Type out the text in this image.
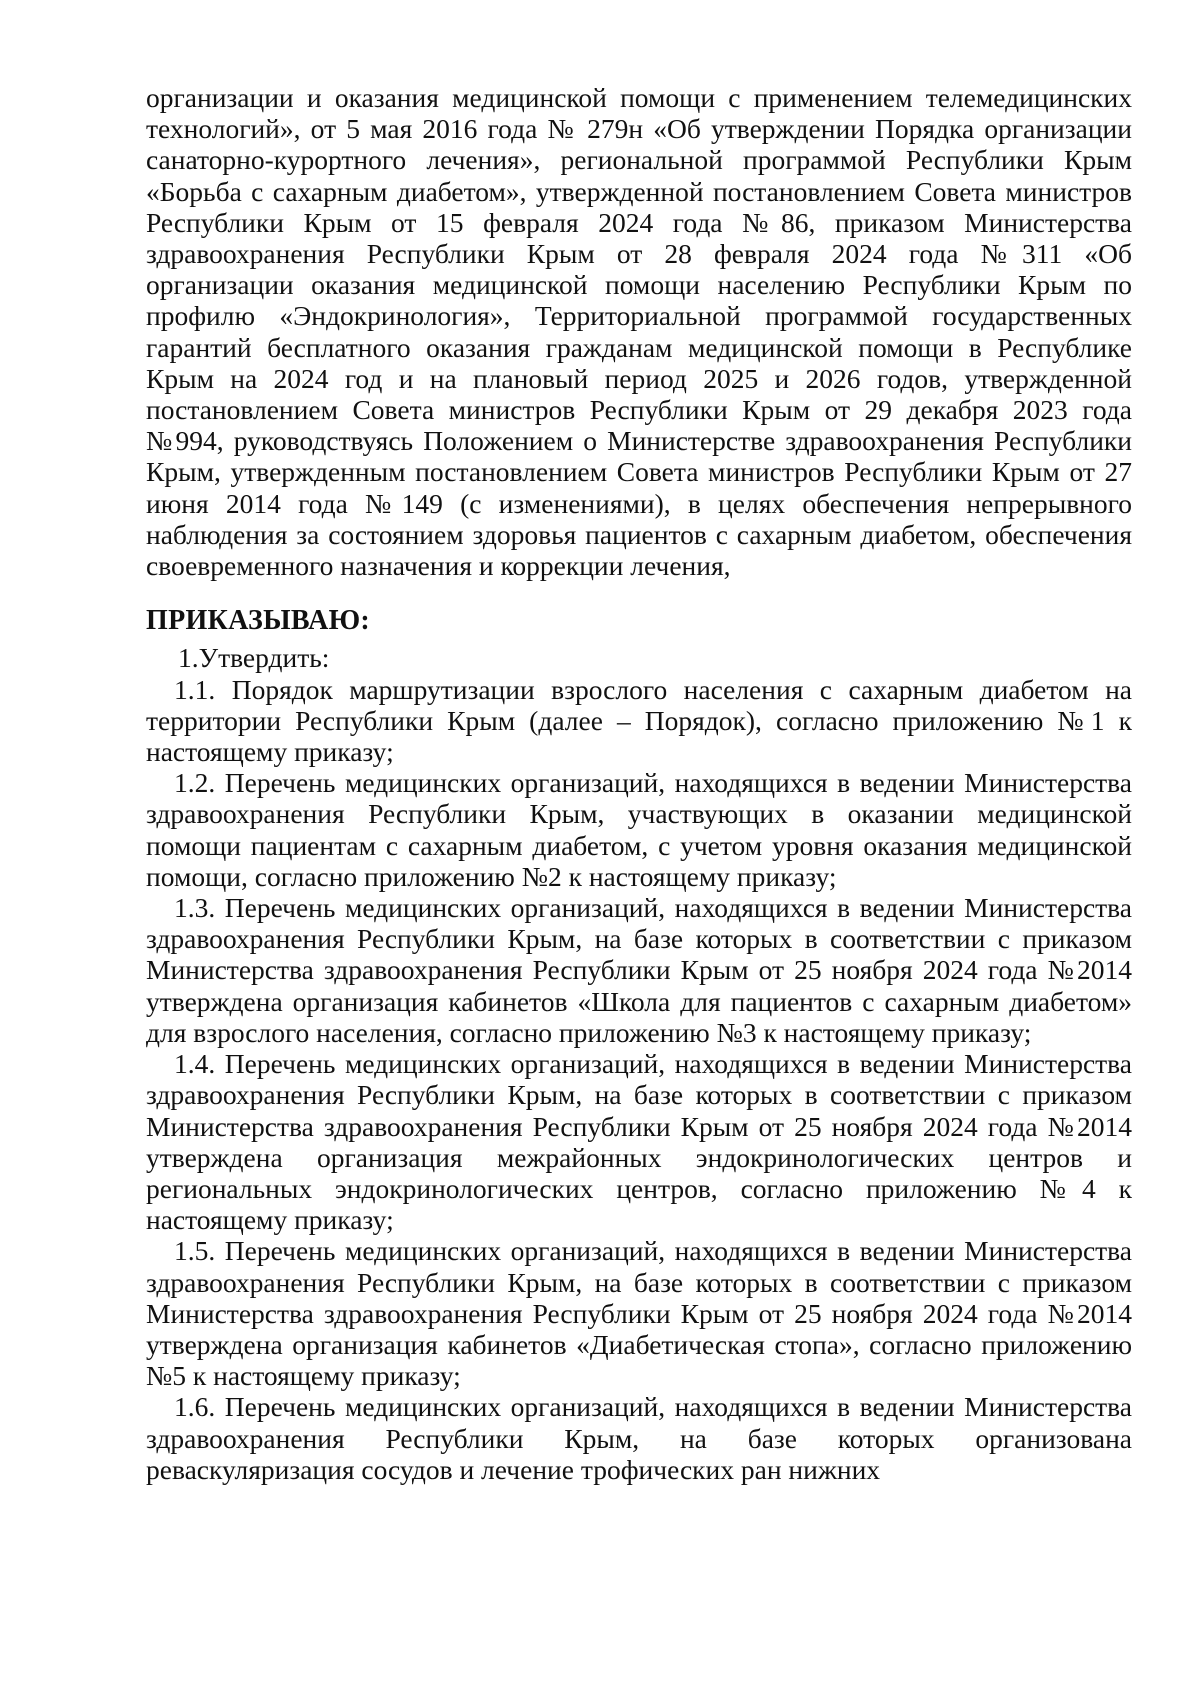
организации и оказания медицинской помощи с применением телемедицинских технологий», от 5 мая 2016 года № 279н «Об утверждении Порядка организации санаторно-курортного лечения», региональной программой Республики Крым «Борьба с сахарным диабетом», утвержденной постановлением Совета министров Республики Крым от 15 февраля 2024 года №86, приказом Министерства здравоохранения Республики Крым от 28 февраля 2024 года №311 «Об организации оказания медицинской помощи населению Республики Крым по профилю «Эндокринология», Территориальной программой государственных гарантий бесплатного оказания гражданам медицинской помощи в Республике Крым на 2024 год и на плановый период 2025 и 2026 годов, утвержденной постановлением Совета министров Республики Крым от 29 декабря 2023 года №994, руководствуясь Положением о Министерстве здравоохранения Республики Крым, утвержденным постановлением Совета министров Республики Крым от 27 июня 2014 года №149 (с изменениями), в целях обеспечения непрерывного наблюдения за состоянием здоровья пациентов с сахарным диабетом, обеспечения своевременного назначения и коррекции лечения,

ПРИКАЗЫВАЮ:

1.Утвердить:

1.1. Порядок маршрутизации взрослого населения с сахарным диабетом на территории Республики Крым (далее – Порядок), согласно приложению №1 к настоящему приказу;

1.2. Перечень медицинских организаций, находящихся в ведении Министерства здравоохранения Республики Крым, участвующих в оказании медицинской помощи пациентам с сахарным диабетом, с учетом уровня оказания медицинской помощи, согласно приложению №2 к настоящему приказу;

1.3. Перечень медицинских организаций, находящихся в ведении Министерства здравоохранения Республики Крым, на базе которых в соответствии с приказом Министерства здравоохранения Республики Крым от 25 ноября 2024 года №2014 утверждена организация кабинетов «Школа для пациентов с сахарным диабетом» для взрослого населения, согласно приложению №3 к настоящему приказу;

1.4. Перечень медицинских организаций, находящихся в ведении Министерства здравоохранения Республики Крым, на базе которых в соответствии с приказом Министерства здравоохранения Республики Крым от 25 ноября 2024 года №2014 утверждена организация межрайонных эндокринологических центров и региональных эндокринологических центров, согласно приложению №4 к настоящему приказу;

1.5. Перечень медицинских организаций, находящихся в ведении Министерства здравоохранения Республики Крым, на базе которых в соответствии с приказом Министерства здравоохранения Республики Крым от 25 ноября 2024 года №2014 утверждена организация кабинетов «Диабетическая стопа», согласно приложению №5 к настоящему приказу;

1.6. Перечень медицинских организаций, находящихся в ведении Министерства здравоохранения Республики Крым, на базе которых организована реваскуляризация сосудов и лечение трофических ран нижних
